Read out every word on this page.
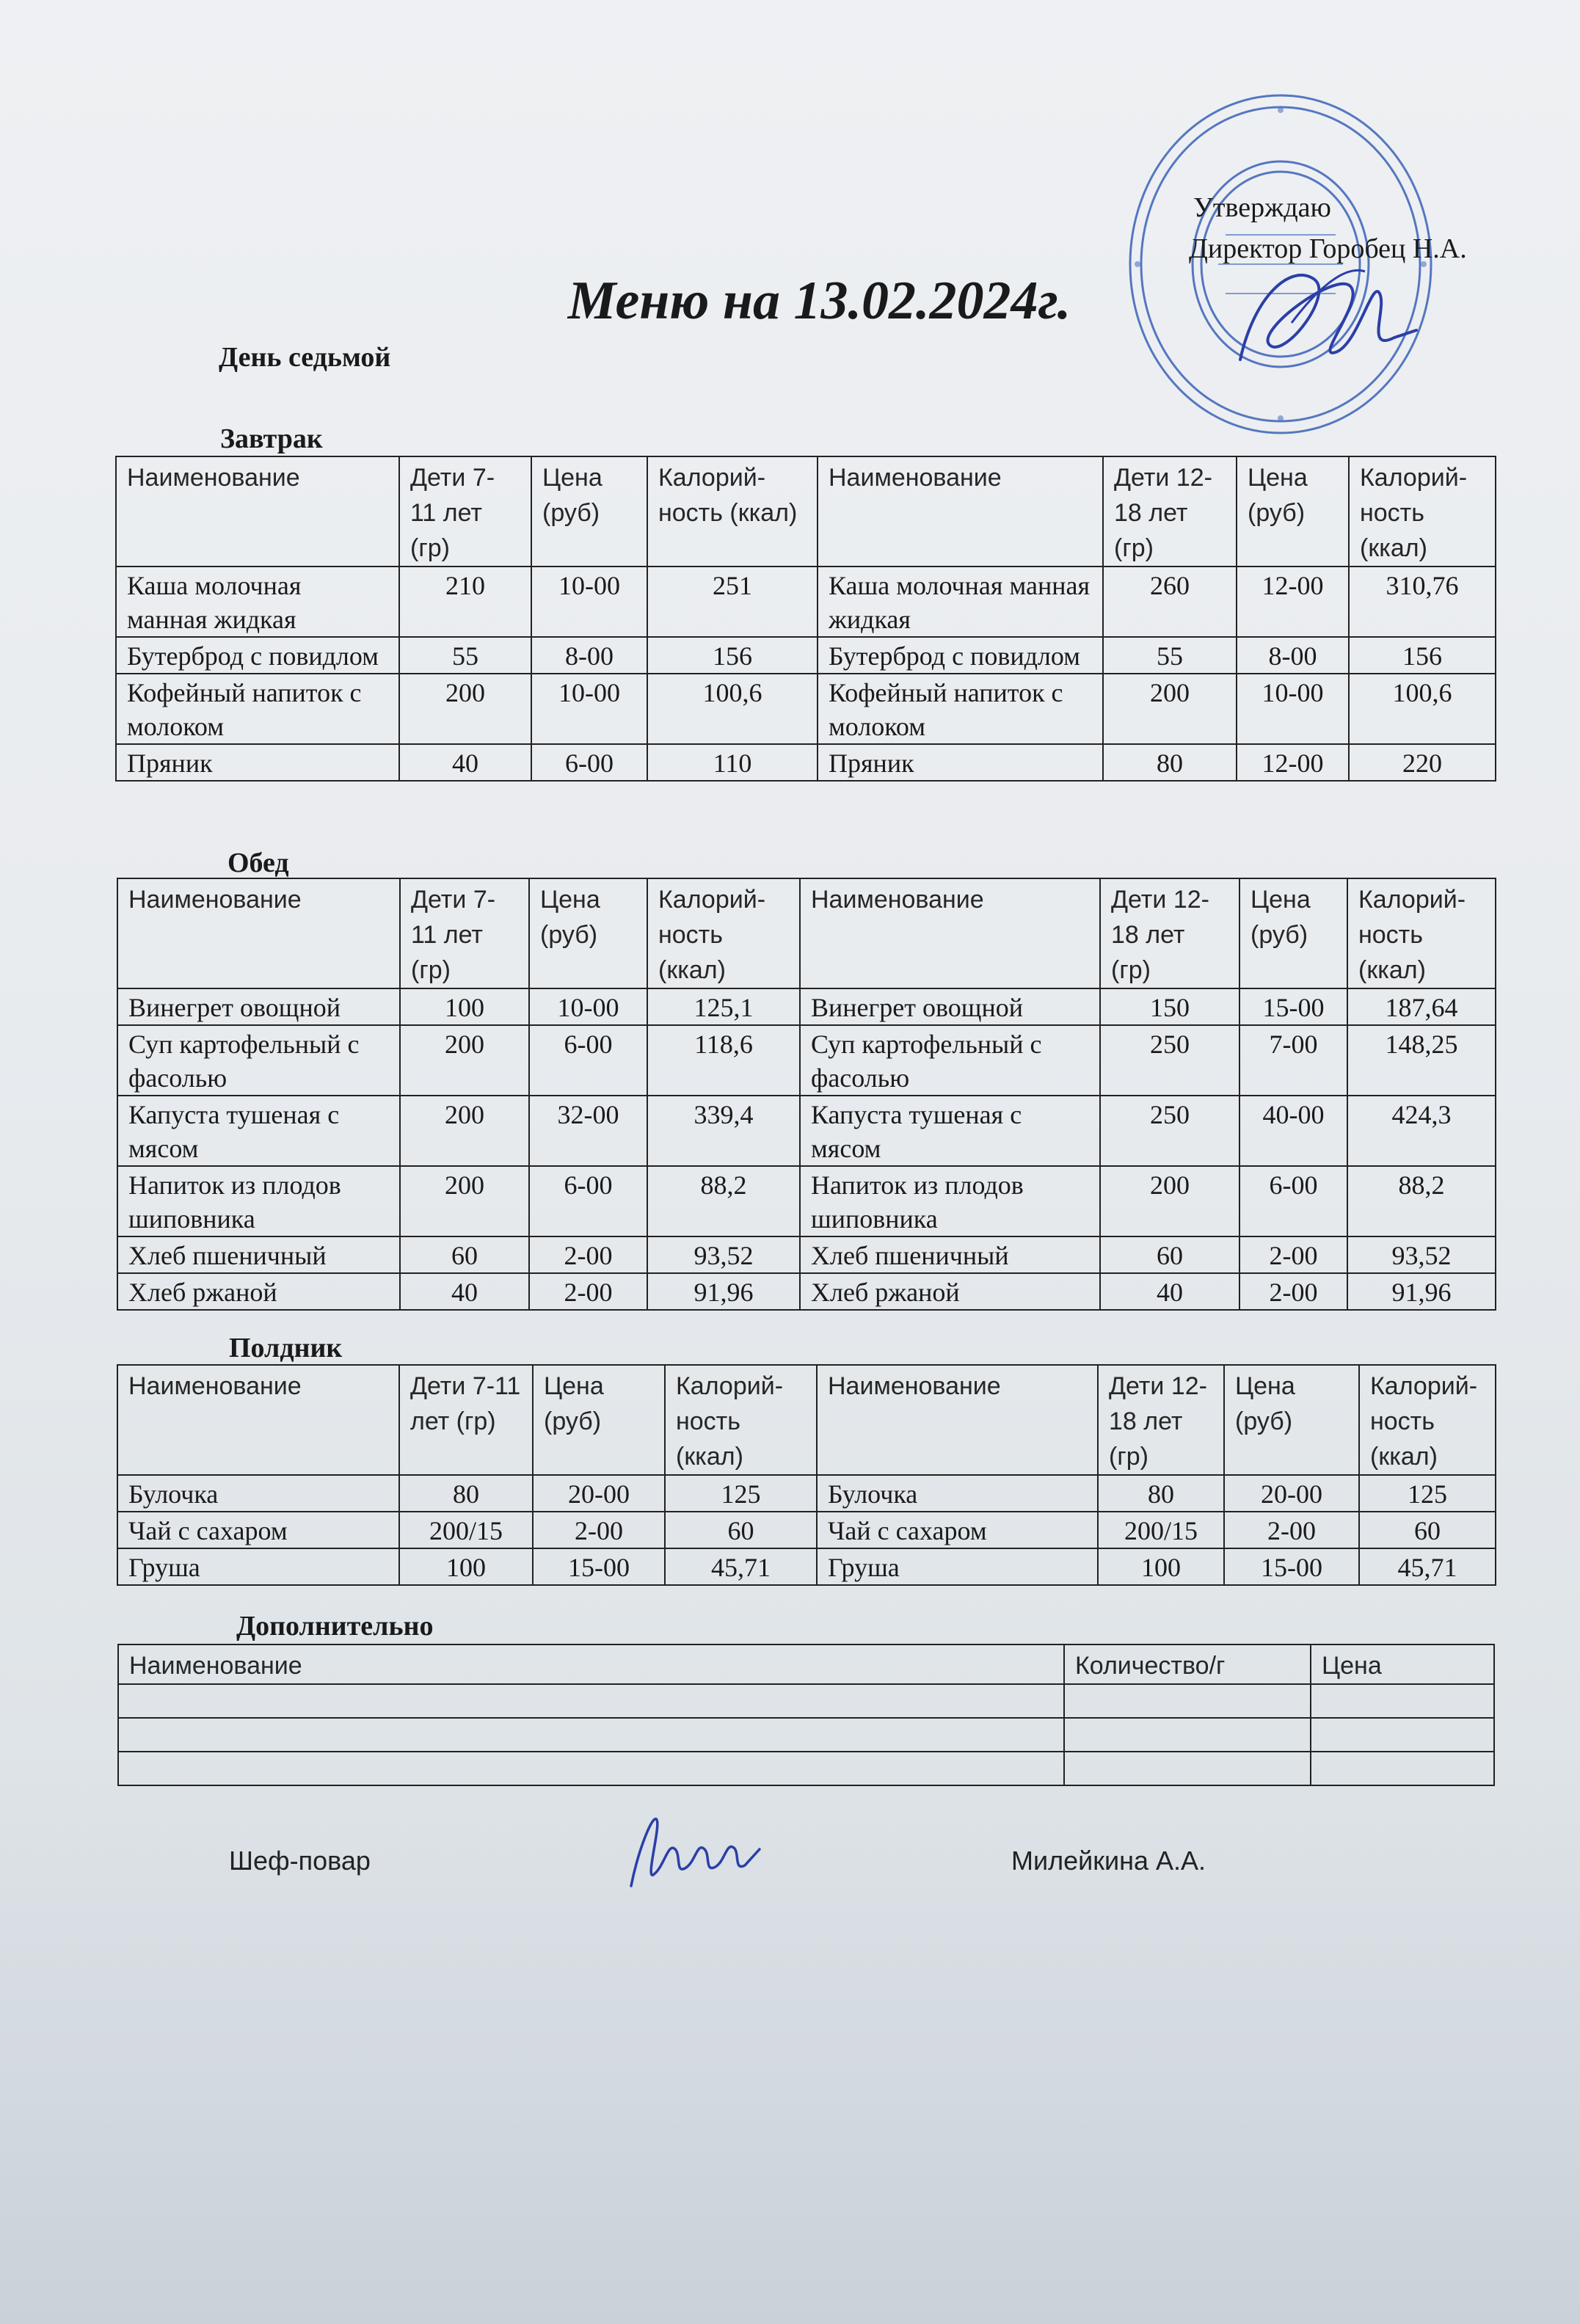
Утверждаю
Директор Горобец Н.А.
Меню на 13.02.2024г.
День седьмой
Завтрак
Наименование	Дети 7-11 лет (гр)	Цена (руб)	Калорий-ность (ккал)	Наименование	Дети 12-18 лет (гр)	Цена (руб)	Калорий-ность (ккал)
Каша молочная манная жидкая	210	10-00	251	Каша молочная манная жидкая	260	12-00	310,76
Бутерброд с повидлом	55	8-00	156	Бутерброд с повидлом	55	8-00	156
Кофейный напиток с молоком	200	10-00	100,6	Кофейный напиток с молоком	200	10-00	100,6
Пряник	40	6-00	110	Пряник	80	12-00	220
Обед
Наименование	Дети 7-11 лет (гр)	Цена (руб)	Калорий-ность (ккал)	Наименование	Дети 12-18 лет (гр)	Цена (руб)	Калорий-ность (ккал)
Винегрет овощной	100	10-00	125,1	Винегрет овощной	150	15-00	187,64
Суп картофельный с фасолью	200	6-00	118,6	Суп картофельный с фасолью	250	7-00	148,25
Капуста тушеная с мясом	200	32-00	339,4	Капуста тушеная с мясом	250	40-00	424,3
Напиток из плодов шиповника	200	6-00	88,2	Напиток из плодов шиповника	200	6-00	88,2
Хлеб пшеничный	60	2-00	93,52	Хлеб пшеничный	60	2-00	93,52
Хлеб ржаной	40	2-00	91,96	Хлеб ржаной	40	2-00	91,96
Полдник
Наименование	Дети 7-11 лет (гр)	Цена (руб)	Калорий-ность (ккал)	Наименование	Дети 12-18 лет (гр)	Цена (руб)	Калорий-ность (ккал)
Булочка	80	20-00	125	Булочка	80	20-00	125
Чай с сахаром	200/15	2-00	60	Чай с сахаром	200/15	2-00	60
Груша	100	15-00	45,71	Груша	100	15-00	45,71
Дополнительно
Наименование	Количество/г	Цена

Шеф-повар	Милейкина А.А.
